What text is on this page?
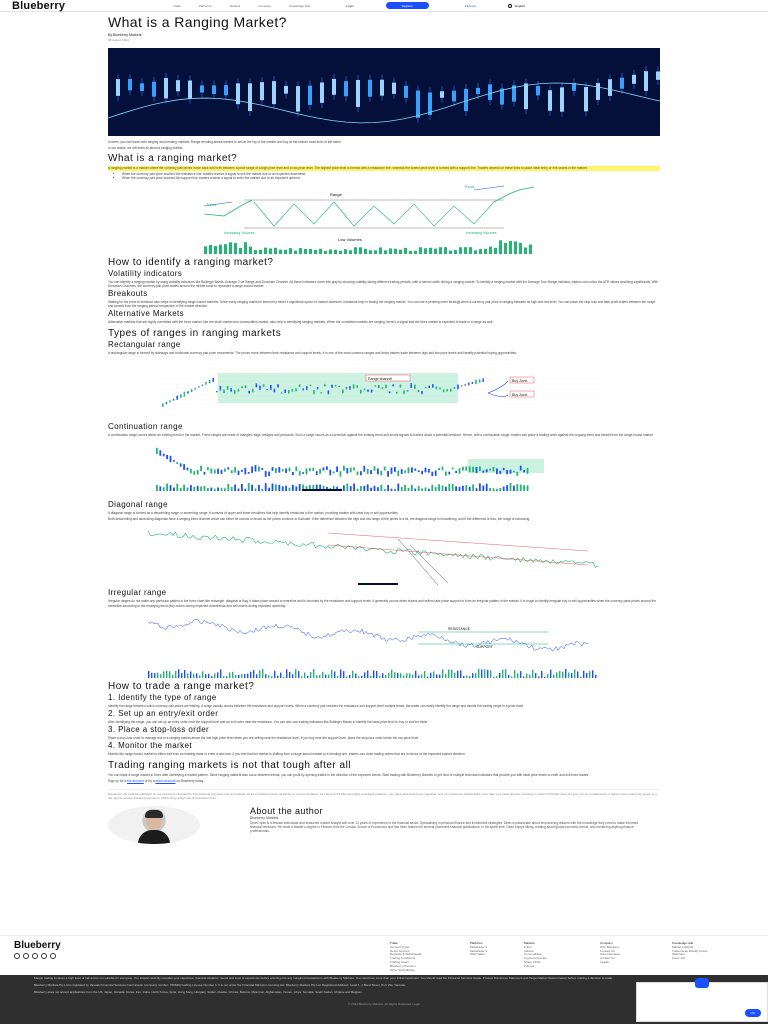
Blueberry	Trade	Platforms	Markets	Company	Knowledge Hub	Login	Register	Partners	English
What is a Ranging Market?
By Blueberry Markets
08 August 2024

In forex, you can trade both ranging and trending markets. Range trending allows traders to sell at the top of the market and buy at the bottom-most level of the same.

In our article, we will learn all about a ranging market.

What is a ranging market?

A ranging market is a market where the currency pair prices move back and forth between a price range of a high price level and a low-price level. The highest price level is formed with a resistance line, whereas the lowest price level is formed with a support line. Traders depend on these lines to place ideal entry or exit orders in the market.

• When the currency pair price touches the resistance line, traders receive a signal to exit the market due to an expected downtrend.
• When the currency pair price touches the support line, traders receive a signal to enter the market due to an expected uptrend.
Range
Trend
Trend
Increasing Volumes	Increasing Volumes
Low Volumes
How to identify a ranging market?
Volatility indicators

You can identify a ranging market by using volatility indicators like Bollinger Bands, Average True Range and Donchian Channel. All these indicators come into play by showing volatility during different trading periods, with a narrow width during a ranging market. To identify a ranging market with the Average True Range indicator, traders can notice the ATR values declining significantly. With Donchian Channels, the currency pair price trades around the middle band to represent a range-bound market.

Breakouts

Waiting for the price to breakout also helps in identifying range-bound markets. Since every ranging market is formed by either a significant upturn or market downturn, breakouts help in finding the ranging market. You can use a pending order strategy when a currency pair price is ranging between its high and low level. You can place the stop-loss and take profit orders between the range and benefit from the ranging period irrespective of the market direction.

Alternative Markets

Alternative markets that are highly correlated with the forex market, like the stock market and commodities market, also help in identifying ranging markets. When the correlated markets are ranging, there's a signal that the forex market is expected to trade in a range as well.

Types of ranges in ranging markets
Rectangular range

A rectangular range is formed by sideways and horizontal currency pair price movements. The prices move between their resistance and support levels. It is one of the most common ranges and helps traders trade between high and low price levels and identify potential buying opportunities.

Range channel	Buy Zone
Buy Zone
Continuation range

A continuation range occurs within an existing trend in the market. These ranges are made of triangles, flags, wedges and pennants. Such a range occurs as a correction against the existing trend and sends signals to traders about a potential breakout. Hence, with a continuation range, traders can place a trading order against the ongoing trend and benefit from the range-bound market.

Diagonal range

A diagonal range is formed as a descending range or ascending range. It consists of upper and lower trendlines that help identify breakouts in the market, providing traders with ideal buy or sell opportunities.

Both descending and ascending diagonals have a ranging trend channel which can either be narrow or broad as the prices continue to fluctuate. If the difference between the high and low range of the prices is a lot, the diagonal range is broadening, and if the difference is less, the range is narrowing.

Irregular range

Irregular ranges do not make any particular pattern in the forex chart like rectangle, diagonal or flag. It takes place around a centreline and is bounded by the resistance and support levels. It generally occurs when buyers and sellers take place support to form an irregular pattern in the market. It is tough to identify irregular buy or sell opportunities when the currency pairs prices around the centreline according to the emerging trend (buy orders during expected downtrends and sell orders during expected uptrends).

RESISTANCE
SUPPORT
How to trade a range market?
1. Identify the type of range

Identify the range between which currency pair prices are trading. A range usually occurs between the resistance and support levels. When a currency pair reaches the resistance and support level multiple times, the trader can easily identify the range and decide the trading range in a price chart.

2. Set up an entry/exit order

After identifying the range, you can set up an entry order near the support level and an exit order near the resistance. You can also use trading indicators like Bollinger Bands to identify the ideal price level to buy or exit the trade.

3. Place a stop-loss order

Place a stop-loss order to manage risk in a ranging market above the last high price level when you are selling near the resistance level. If you buy near the support level, place the stop-loss order below the low price level.

4. Monitor the market

Monitor the range-bound market to either exit from an existing trade or enter a new one. If you feel that the market is shifting from a range-bound market to a trending one, traders can close trading orders that are in favour of the expected market direction.

Trading ranging markets is not that tough after all

You can trade a range market in forex after identifying a market pattern. Since ranging markets also occur between trends, you can profit by opening trades in the direction of the expected trends. Start trading with Blueberry Markets to get hold of multiple technical indicators that provide you with ideal price levels to enter and exit forex trades.

Sign up for a live account or try a demo account on Blueberry today.

Disclaimer: All material published on our website is intended for informational purposes only and should not be considered personal advice or recommendation. As margin FX/CFDs are highly leveraged products, your gains and losses are magnified, and you could lose substantially more than your initial deposit. Investing in margin FX/CFDs does not give you any entitlements or rights to the underlying assets (e.g. the right to receive dividend payments). CFDs carry a high risk of investment loss.

About the author
Blueberry Markets

Dean Hyde is a finance enthusiast and seasoned market analyst with over 12 years of experience in the financial sector. Specialising in personal finance and investment strategies, Dean is passionate about empowering readers with the knowledge they need to make informed financial decisions. He holds a Master's degree in Finance from the London School of Economics and has been featured in several prominent financial publications. In his spare time, Dean enjoys hiking, reading about global economic trends, and mentoring aspiring finance professionals.

Blueberry	Trade
Account Types
Demo Account
Deposits & Withdrawals
Trading Conditions
Trading Hours
Blueberry Premium
Other Subsidiaries
Platforms
Metatrader 4
Metatrader 5
WebTrader
Markets
Forex
Indices
Commodities
Cryptocurrencies
Share CFDs
Futures
Company
Why Blueberry
Contact Us
Client Reviews
Contact Us
Legals
Knowledge Hub
Market Analysis
Trade Ideas Weekly Focus
Webinars
Forex 101
Margin trading involves a high level of risk and is not suitable for everyone. You should carefully consider your objectives, financial situation, needs and level of experience before entering into any margined transactions with Blueberry Markets. You could lose more than your initial investment. You should read the Financial Services Guide, Product Disclosure Statement and Target Market Determination before making a decision to trade.
Blueberry Markets Pty Ltd is regulated by Vanuatu Financial Services Commission (company number: 700649) holding License Number 4. It is not under the Financial Markets Licensing Act. Blueberry Markets Pty Ltd. Registered Address: Level 1, 1 Bond Street, Port Vila, Vanuatu.
Blueberry does not accept applications from the US, Japan, Canada, Korea, Iran, Cuba, North Korea, Syria, Hong Kong, Hungary, Sudan, Russia, Crimea, Belarus, Myanmar, Afghanistan, Yemen, Libya, Somalia, South Sudan, Ukraine and Belgium.
© 2024 Blueberry Markets. All Rights Reserved. Legal
OK
